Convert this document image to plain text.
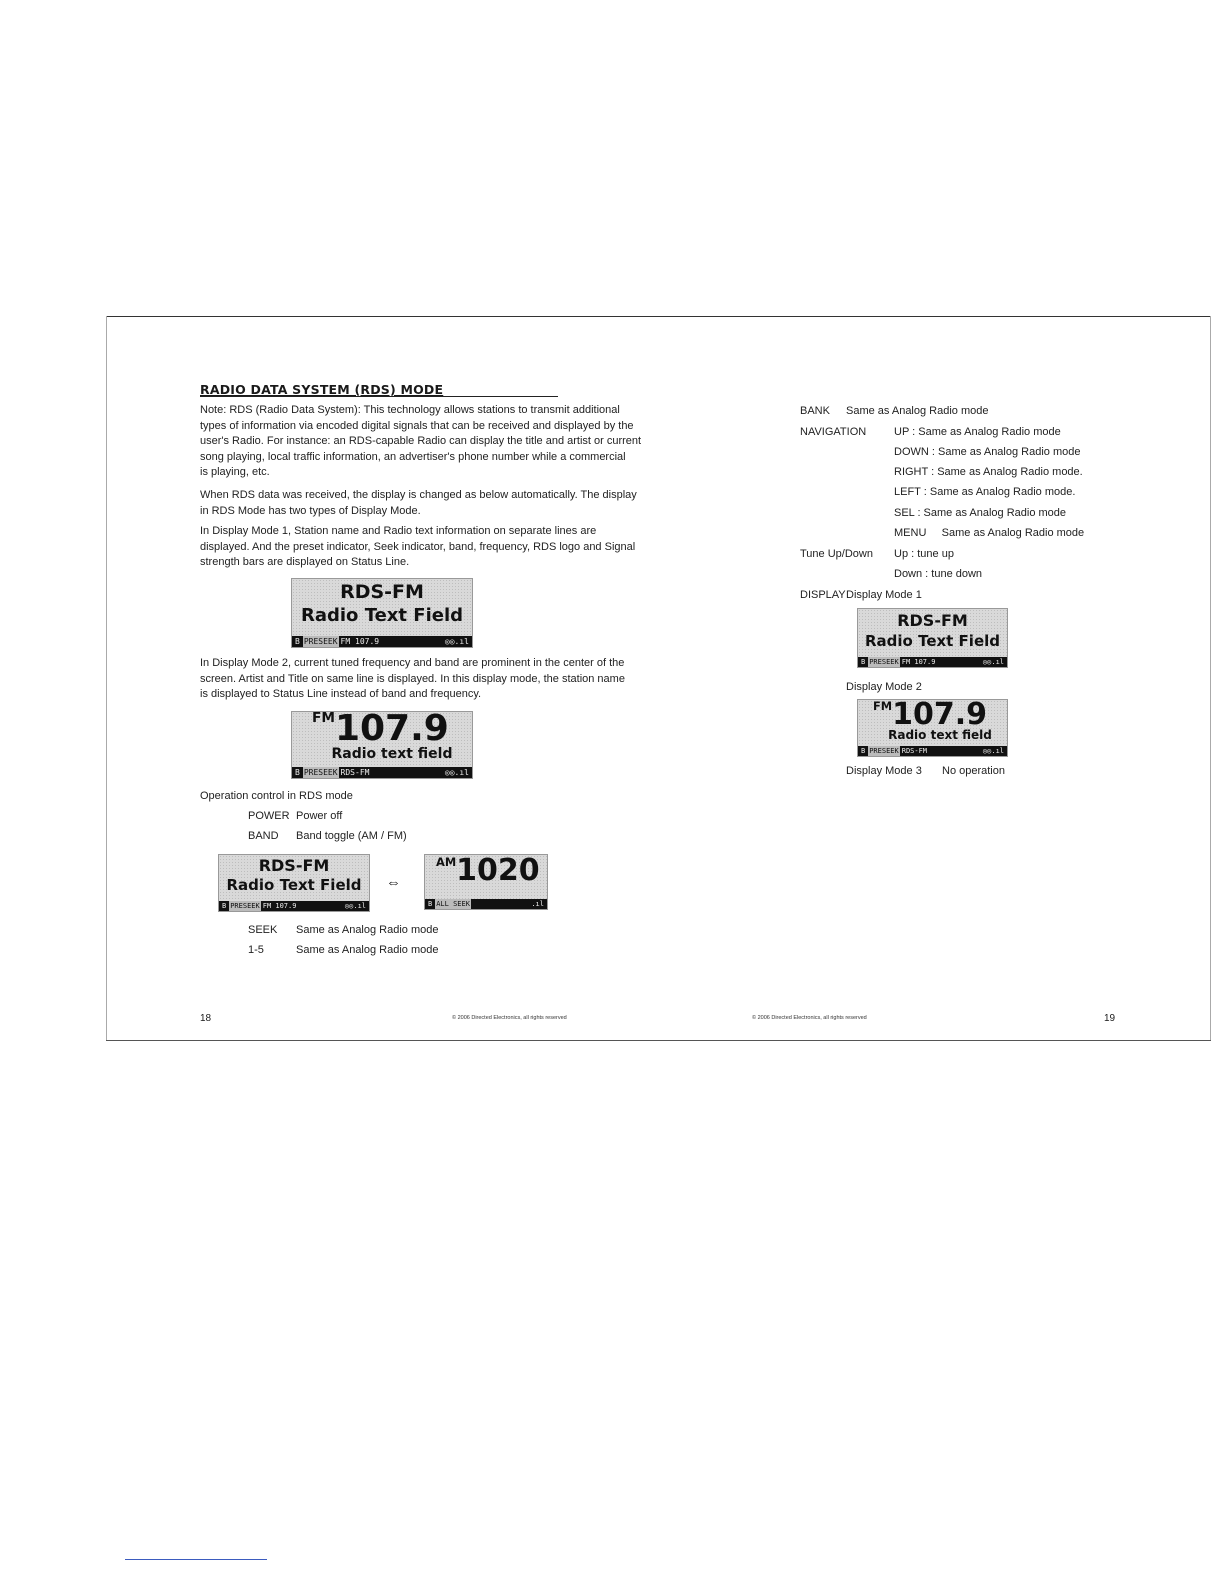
RADIO DATA SYSTEM (RDS) MODE
Note: RDS (Radio Data System): This technology allows stations to transmit additional
types of information via encoded digital signals that can be received and displayed by the
user's Radio. For instance: an RDS-capable Radio can display the title and artist or current
song playing, local traffic information, an advertiser's phone number while a commercial
is playing, etc.
When RDS data was received, the display is changed as below automatically. The display
in RDS Mode has two types of Display Mode.
In Display Mode 1, Station name and Radio text information on separate lines are
displayed. And the preset indicator, Seek indicator, band, frequency, RDS logo and Signal
strength bars are displayed on Status Line.
RDS-FM
Radio Text Field
B PRESEEK FM 107.9	◎◎.ıl
In Display Mode 2, current tuned frequency and band are prominent in the center of the
screen. Artist and Title on same line is displayed. In this display mode, the station name
is displayed to Status Line instead of band and frequency.
$^{FM}$107.9
Radio text field
B PRESEEK RDS-FM	◎◎.ıl
Operation control in RDS mode
POWER Power off
BAND Band toggle (AM / FM)
RDS-FM
Radio Text Field
B PRESEEK FM 107.9	◎◎.ıl
⇔
$^{AM}$1020
B ALL SEEK	.ıl
SEEK Same as Analog Radio mode
1-5	Same as Analog Radio mode
18	© 2006 Directed Electronics, all rights reserved
BANK Same as Analog Radio mode
NAVIGATION	UP : Same as Analog Radio mode
DOWN : Same as Analog Radio mode
RIGHT : Same as Analog Radio mode.
LEFT : Same as Analog Radio mode.
SEL : Same as Analog Radio mode
MENU     Same as Analog Radio mode
Tune Up/Down Up : tune up
Down : tune down
DISPLAY Display Mode 1
RDS-FM
Radio Text Field
B PRESEEK FM 107.9	◎◎.ıl
Display Mode 2
$^{FM}$107.9
Radio text field
B PRESEEK RDS-FM	◎◎.ıl
Display Mode 3 No operation
© 2006 Directed Electronics, all rights reserved	19
